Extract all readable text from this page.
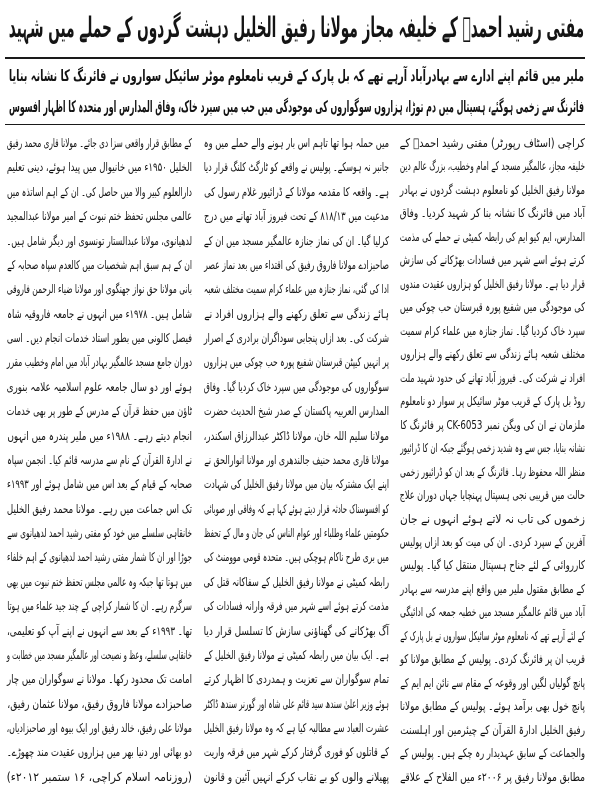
مفتی رشید احمدؒ کے خلیفہ مجاز مولانا رفیق الخلیل دہشت گردوں کے حملے میں شہید
ملیر میں قائم اپنے ادارے سے بہادرآباد آرہے تھے کہ بل پارک کے قریب نامعلوم موٹر سائیکل سواروں نے فائرنگ کا نشانہ بنایا
فائرنگ سے زخمی ہوگئے، ہسپتال میں دم توڑا، ہزاروں سوگواروں کی موجودگی میں حب میں سپرد خاک، وفاق المدارس اور متحدہ کا اظہار افسوس
کراچی (اسٹاف رپورٹر) مفتی رشید احمدؒ کے
خلیفہ مجاز، عالمگیر مسجد کے امام وخطیب، بزرگ عالم دین
مولانا رفیق الخلیل کو نامعلوم دہشت گردوں نے بہادر
آباد میں فائرنگ کا نشانہ بنا کر شہید کردیا۔ وفاق
المدارس، ایم کیو ایم کی رابطہ کمیٹی نے حملے کی مذمت
کرتے ہوئے اسے شہر میں فسادات بھڑکانے کی سازش
قرار دیا ہے۔ مولانا رفیق الخلیل کو ہزاروں عقیدت مندوں
کی موجودگی میں شفیع پورہ قبرستان حب چوکی میں
سپرد خاک کردیا گیا۔ نماز جنازہ میں علماء کرام سمیت
مختلف شعبہ ہائے زندگی سے تعلق رکھنے والے ہزاروں
افراد نے شرکت کی۔ فیروز آباد تھانے کی حدود شہید ملت
روڈ بل پارک کے قریب موٹر سائیکل پر سوار دو نامعلوم
ملزمان نے ان کی ویگن نمبر CK-6053 پر فائرنگ کا
نشانہ بنایا، جس سے وہ شدید زخمی ہوگئے جبکہ ان کا ڈرائیور
منظر اللہ محفوظ رہا۔ فائرنگ کے بعد ان کو ڈرائیور زخمی
حالت میں قریبی نجی ہسپتال پہنچایا جہاں دوران علاج
زخموں کی تاب نہ لاتے ہوئے انہوں نے جان
آفرین کے سپرد کردی۔ ان کی میت کو بعد ازاں پولیس
کارروائی کے لئے جناح ہسپتال منتقل کیا گیا۔ پولیس
کے مطابق مقتول ملیر میں واقع اپنے مدرسہ سے بہادر
آباد میں قائم عالمگیر مسجد میں خطبہ جمعہ کی ادائیگی
کے لئے آرہے تھے کہ نامعلوم موٹر سائیکل سواروں نے بل پارک کے
قریب ان پر فائرنگ کردی۔ پولیس کے مطابق مولانا کو
پانچ گولیاں لگیں اور وقوعہ کے مقام سے نائن ایم ایم کے
پانچ خول بھی برآمد ہوئے۔ پولیس کے مطابق مولانا
رفیق الخلیل ادارۃ القرآن کے چیئرمین اور اہلسنت
والجماعت کے سابق عہدیدار رہ چکے ہیں۔ پولیس کے
مطابق مولانا رفیق پر ۲۰۰۶ء میں الفلاح کے علاقے
میں حملہ ہوا تھا تاہم اس بار ہونے والے حملے میں وہ
جانبر نہ ہوسکے۔ پولیس نے واقعے کو ٹارگٹ کلنگ قرار دیا
ہے۔ واقعہ کا مقدمہ مولانا کے ڈرائیور غلام رسول کی
مدعیت میں ۸۱۸/۱۳ کے تحت فیروز آباد تھانے میں درج
کرلیا گیا۔ ان کی نماز جنازہ عالمگیر مسجد میں ان کے
صاحبزادے مولانا فاروق رفیق کی اقتداء میں بعد نماز عصر
ادا کی گئی، نماز جنازہ میں علماء کرام سمیت مختلف شعبہ
ہائے زندگی سے تعلق رکھنے والے ہزاروں افراد نے
شرکت کی۔ بعد ازاں پنجابی سوداگران برادری کے اصرار
پر انہیں کیپٹن قبرستان شفیع پورہ حب چوکی میں ہزاروں
سوگواروں کی موجودگی میں سپرد خاک کردیا گیا۔ وفاق
المدارس العربیہ پاکستان کے صدر شیخ الحدیث حضرت
مولانا سلیم اللہ خان، مولانا ڈاکٹر عبدالرزاق اسکندر،
مولانا قاری محمد حنیف جالندھری اور مولانا انوارالحق نے
اپنے ایک مشترکہ بیان میں مولانا رفیق الخلیل کی شہادت
کو افسوسناک حادثہ قرار دیتے ہوئے کہا ہے کہ وفاقی اور صوبائی
حکومتیں علماء وطلباء اور عوام الناس کی جان و مال کے تحفظ
میں بری طرح ناکام ہوچکی ہیں۔ متحدہ قومی موومنٹ کی
رابطہ کمیٹی نے مولانا رفیق الخلیل کے سفاکانہ قتل کی
مذمت کرتے ہوئے اسے شہر میں فرقہ وارانہ فسادات کی
آگ بھڑکانے کی گھناؤنی سازش کا تسلسل قرار دیا
ہے۔ ایک بیان میں رابطہ کمیٹی نے مولانا رفیق الخلیل کے
تمام سوگواران سے تعزیت و ہمدردی کا اظہار کرتے
ہوئے وزیر اعلیٰ سندھ سید قائم علی شاہ اور گورنر سندھ ڈاکٹر
عشرت العباد سے مطالبہ کیا ہے کہ وہ مولانا رفیق الخلیل
کے قاتلوں کو فوری گرفتار کرکے شہر میں فرقہ واریت
پھیلانے والوں کو بے نقاب کرکے انہیں آئین و قانون
کے مطابق قرار واقعی سزا دی جائے۔ مولانا قاری محمد رفیق
الخلیل ۱۹۵۰ء میں خانیوال میں پیدا ہوئے، دینی تعلیم
دارالعلوم کبیر والا میں حاصل کی۔ ان کے اہم اساتذہ میں
عالمی مجلس تحفظ ختم نبوت کے امیر مولانا عبدالمجید
لدھیانوی، مولانا عبدالستار تونسوی اور دیگر شامل ہیں۔
ان کے ہم سبق اہم شخصیات میں کالعدم سپاہ صحابہ کے
بانی مولانا حق نواز جھنگوی اور مولانا ضیاء الرحمن فاروقی
شامل ہیں۔ ۱۹۷۸ء میں انہوں نے جامعہ فاروقیہ شاہ
فیصل کالونی میں بطور استاد خدمات انجام دیں۔ اسی
دوران جامع مسجد عالمگیر بہادر آباد میں امام وخطیب مقرر
ہوئے اور دو سال جامعہ علوم اسلامیہ علامہ بنوری
ٹاؤن میں حفظ قرآن کے مدرس کے طور پر بھی خدمات
انجام دیتے رہے۔ ۱۹۸۸ء میں ملیر پندرہ میں انہوں
نے ادارۃ القرآن کے نام سے مدرسہ قائم کیا۔ انجمن سپاہ
صحابہ کے قیام کے بعد اس میں شامل ہوئے اور ۱۹۹۳ء
تک اس جماعت میں رہے۔ مولانا محمد رفیق الخلیل
خانقاہی سلسلے میں خود کو مفتی رشید احمد لدھیانوی سے
جوڑا اور ان کا شمار مفتی رشید احمد لدھیانوی کے اہم خلفاء
میں ہوتا تھا جبکہ وہ عالمی مجلس تحفظ ختم نبوت میں بھی
سرگرم رہے۔ ان کا شمار کراچی کے چند جید علماء میں ہوتا
تھا۔ ۱۹۹۳ء کے بعد سے انہوں نے اپنے آپ کو تعلیمی،
خانقاہی سلسلے، وعظ و نصیحت اور عالمگیر مسجد میں خطابت و
امامت تک محدود رکھا۔ مولانا نے سوگواران میں چار
صاحبزادے مولانا فاروق رفیق، مولانا عثمان رفیق،
مولانا علی رفیق، خالد رفیق اور ایک بیوہ اور صاحبزادیاں،
دو بھائی اور دنیا بھر میں ہزاروں عقیدت مند چھوڑے۔
(روزنامہ اسلام کراچی، ۱۶ ستمبر ۲۰۱۲ء)
